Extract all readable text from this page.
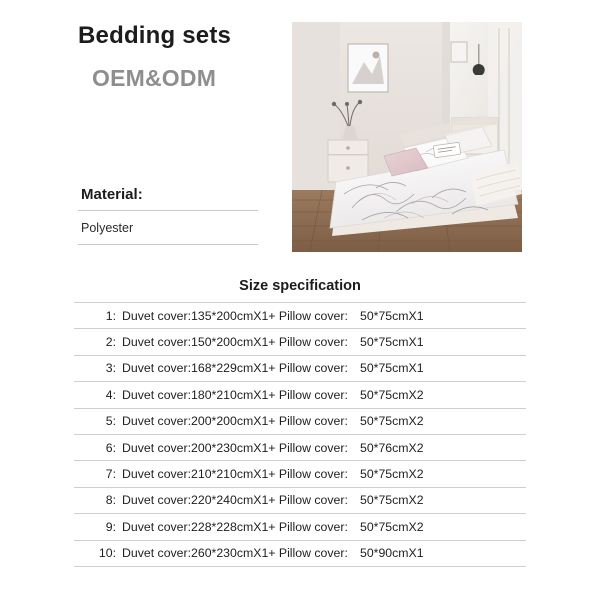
Bedding sets
OEM&ODM
Material:
Polyester
Size specification
1:	Duvet cover:135*200cmX1+ Pillow cover:	50*75cmX1
2:	Duvet cover:150*200cmX1+ Pillow cover:	50*75cmX1
3:	Duvet cover:168*229cmX1+ Pillow cover:	50*75cmX1
4:	Duvet cover:180*210cmX1+ Pillow cover:	50*75cmX2
5:	Duvet cover:200*200cmX1+ Pillow cover:	50*75cmX2
6:	Duvet cover:200*230cmX1+ Pillow cover:	50*76cmX2
7:	Duvet cover:210*210cmX1+ Pillow cover:	50*75cmX2
8:	Duvet cover:220*240cmX1+ Pillow cover:	50*75cmX2
9:	Duvet cover:228*228cmX1+ Pillow cover:	50*75cmX2
10:	Duvet cover:260*230cmX1+ Pillow cover:	50*90cmX1
